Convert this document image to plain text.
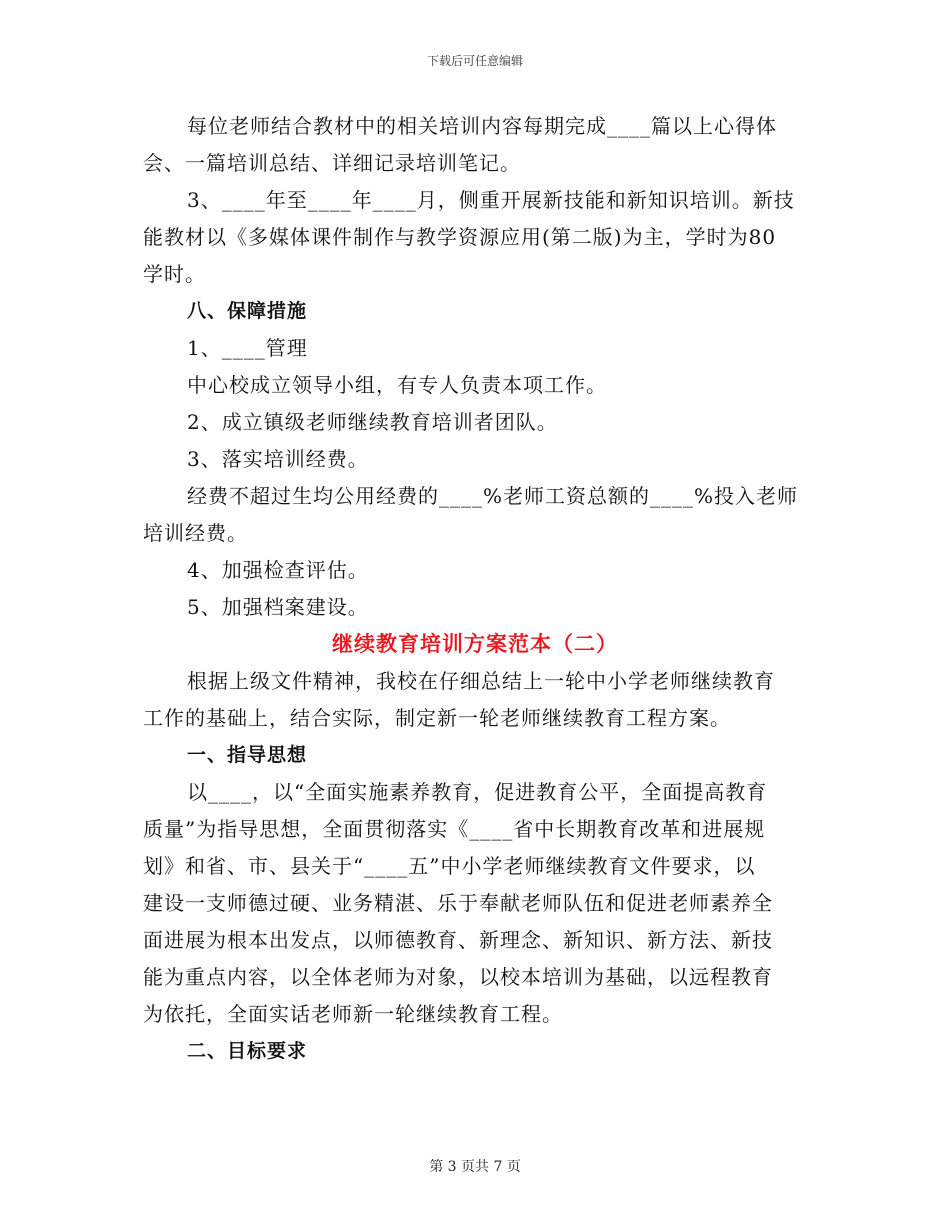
下载后可任意编辑
每位老师结合教材中的相关培训内容每期完成____篇以上心得体
会、一篇培训总结、详细记录培训笔记。
3、____年至____年____月，侧重开展新技能和新知识培训。新技
能教材以《多媒体课件制作与教学资源应用(第二版)为主，学时为80
学时。
八、保障措施
1、____管理
中心校成立领导小组，有专人负责本项工作。
2、成立镇级老师继续教育培训者团队。
3、落实培训经费。
经费不超过生均公用经费的____%老师工资总额的____%投入老师
培训经费。
4、加强检查评估。
5、加强档案建设。
继续教育培训方案范本（二）
根据上级文件精神，我校在仔细总结上一轮中小学老师继续教育
工作的基础上，结合实际，制定新一轮老师继续教育工程方案。
一、指导思想
以____，以“全面实施素养教育，促进教育公平，全面提高教育
质量”为指导思想，全面贯彻落实《____省中长期教育改革和进展规
划》和省、市、县关于“____五”中小学老师继续教育文件要求，以
建设一支师德过硬、业务精湛、乐于奉献老师队伍和促进老师素养全
面进展为根本出发点，以师德教育、新理念、新知识、新方法、新技
能为重点内容，以全体老师为对象，以校本培训为基础，以远程教育
为依托，全面实话老师新一轮继续教育工程。
二、目标要求
第 3 页共 7 页
